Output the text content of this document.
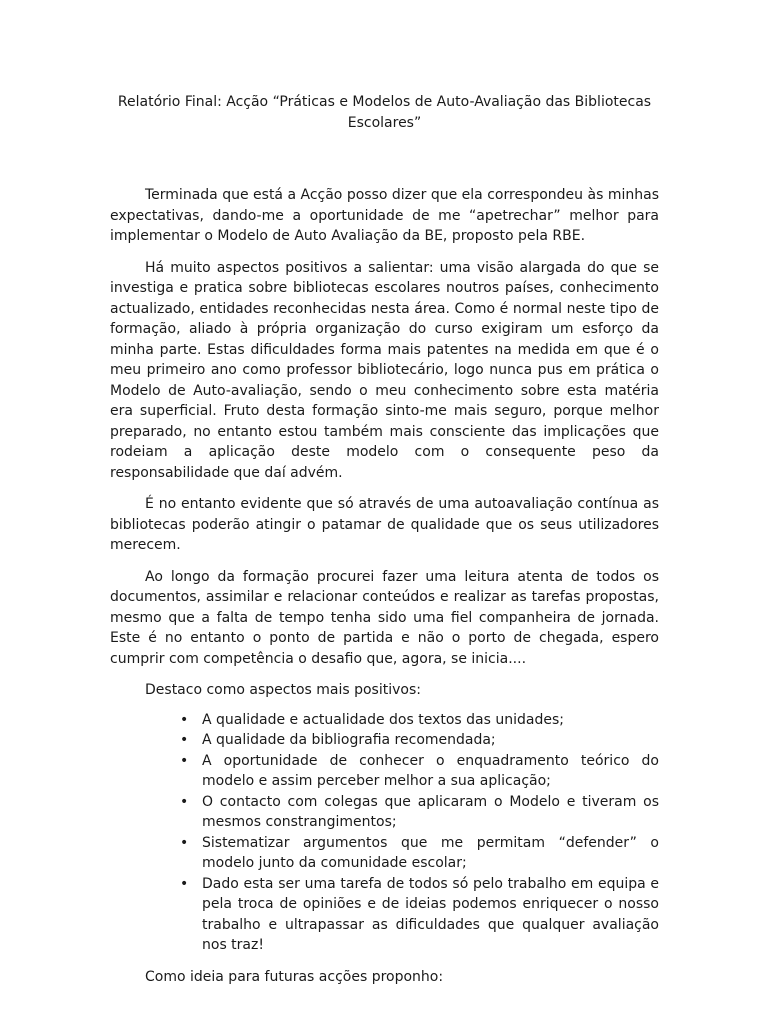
Relatório Final: Acção “Práticas e Modelos de Auto-Avaliação das Bibliotecas Escolares”

Terminada que está a Acção posso dizer que ela correspondeu às minhas expectativas, dando-me a oportunidade de me “apetrechar” melhor para implementar o Modelo de Auto Avaliação da BE, proposto pela RBE.

Há muito aspectos positivos a salientar: uma visão alargada do que se investiga e pratica sobre bibliotecas escolares noutros países, conhecimento actualizado, entidades reconhecidas nesta área. Como é normal neste tipo de formação, aliado à própria organização do curso exigiram um esforço da minha parte. Estas dificuldades forma mais patentes na medida em que é o meu primeiro ano como professor bibliotecário, logo nunca pus em prática o Modelo de Auto-avaliação, sendo o meu conhecimento sobre esta matéria era superficial. Fruto desta formação sinto-me mais seguro, porque melhor preparado, no entanto estou também mais consciente das implicações que rodeiam a aplicação deste modelo com o consequente peso da responsabilidade que daí advém.

É no entanto evidente que só através de uma autoavaliação contínua as bibliotecas poderão atingir o patamar de qualidade que os seus utilizadores merecem.

Ao longo da formação procurei fazer uma leitura atenta de todos os documentos, assimilar e relacionar conteúdos e realizar as tarefas propostas, mesmo que a falta de tempo tenha sido uma fiel companheira de jornada. Este é no entanto o ponto de partida e não o porto de chegada, espero cumprir com competência o desafio que, agora, se inicia....

Destaco como aspectos mais positivos:

• A qualidade e actualidade dos textos das unidades;
• A qualidade da bibliografia recomendada;
• A oportunidade de conhecer o enquadramento teórico do modelo e assim perceber melhor a sua aplicação;
• O contacto com colegas que aplicaram o Modelo e tiveram os mesmos constrangimentos;
• Sistematizar argumentos que me permitam “defender” o modelo junto da comunidade escolar;
• Dado esta ser uma tarefa de todos só pelo trabalho em equipa e pela troca de opiniões e de ideias podemos enriquecer o nosso trabalho e ultrapassar as dificuldades que qualquer avaliação nos traz!

Como ideia para futuras acções proponho:
